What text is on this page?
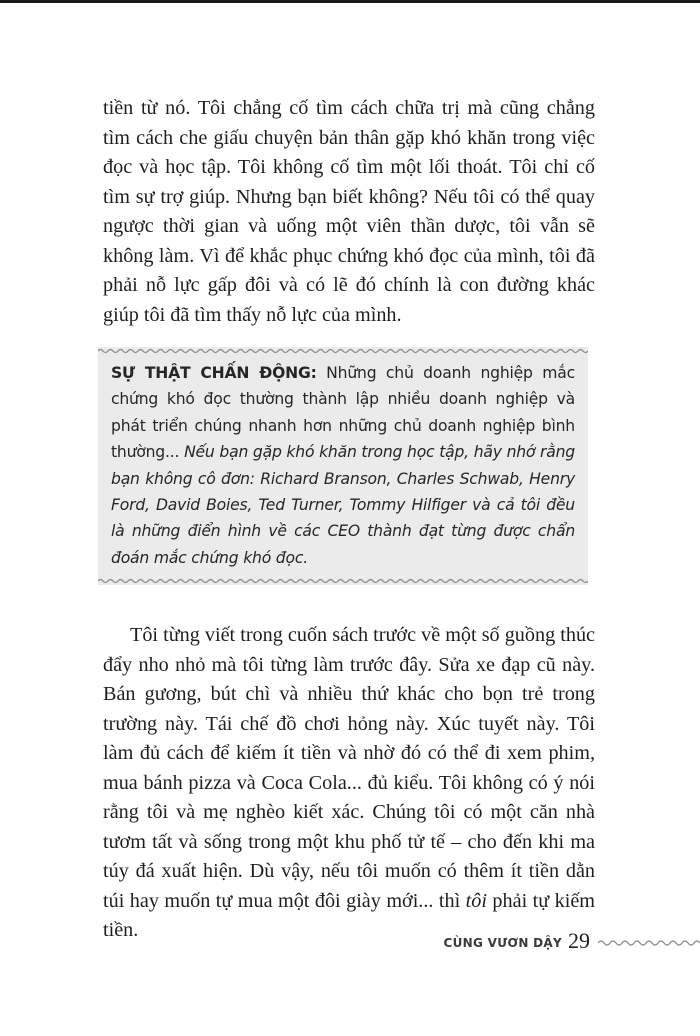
tiền từ nó. Tôi chẳng cố tìm cách chữa trị mà cũng chẳng tìm cách che giấu chuyện bản thân gặp khó khăn trong việc đọc và học tập. Tôi không cố tìm một lối thoát. Tôi chỉ cố tìm sự trợ giúp. Nhưng bạn biết không? Nếu tôi có thể quay ngược thời gian và uống một viên thần dược, tôi vẫn sẽ không làm. Vì để khắc phục chứng khó đọc của mình, tôi đã phải nỗ lực gấp đôi và có lẽ đó chính là con đường khác giúp tôi đã tìm thấy nỗ lực của mình.

SỰ THẬT CHẤN ĐỘNG: Những chủ doanh nghiệp mắc chứng khó đọc thường thành lập nhiều doanh nghiệp và phát triển chúng nhanh hơn những chủ doanh nghiệp bình thường... Nếu bạn gặp khó khăn trong học tập, hãy nhớ rằng bạn không cô đơn: Richard Branson, Charles Schwab, Henry Ford, David Boies, Ted Turner, Tommy Hilfiger và cả tôi đều là những điển hình về các CEO thành đạt từng được chẩn đoán mắc chứng khó đọc.

Tôi từng viết trong cuốn sách trước về một số guồng thúc đẩy nho nhỏ mà tôi từng làm trước đây. Sửa xe đạp cũ này. Bán gương, bút chì và nhiều thứ khác cho bọn trẻ trong trường này. Tái chế đồ chơi hỏng này. Xúc tuyết này. Tôi làm đủ cách để kiếm ít tiền và nhờ đó có thể đi xem phim, mua bánh pizza và Coca Cola... đủ kiểu. Tôi không có ý nói rằng tôi và mẹ nghèo kiết xác. Chúng tôi có một căn nhà tươm tất và sống trong một khu phố tử tế – cho đến khi ma túy đá xuất hiện. Dù vậy, nếu tôi muốn có thêm ít tiền dằn túi hay muốn tự mua một đôi giày mới... thì tôi phải tự kiếm tiền.

CÙNG VƯƠN DẬY 29
